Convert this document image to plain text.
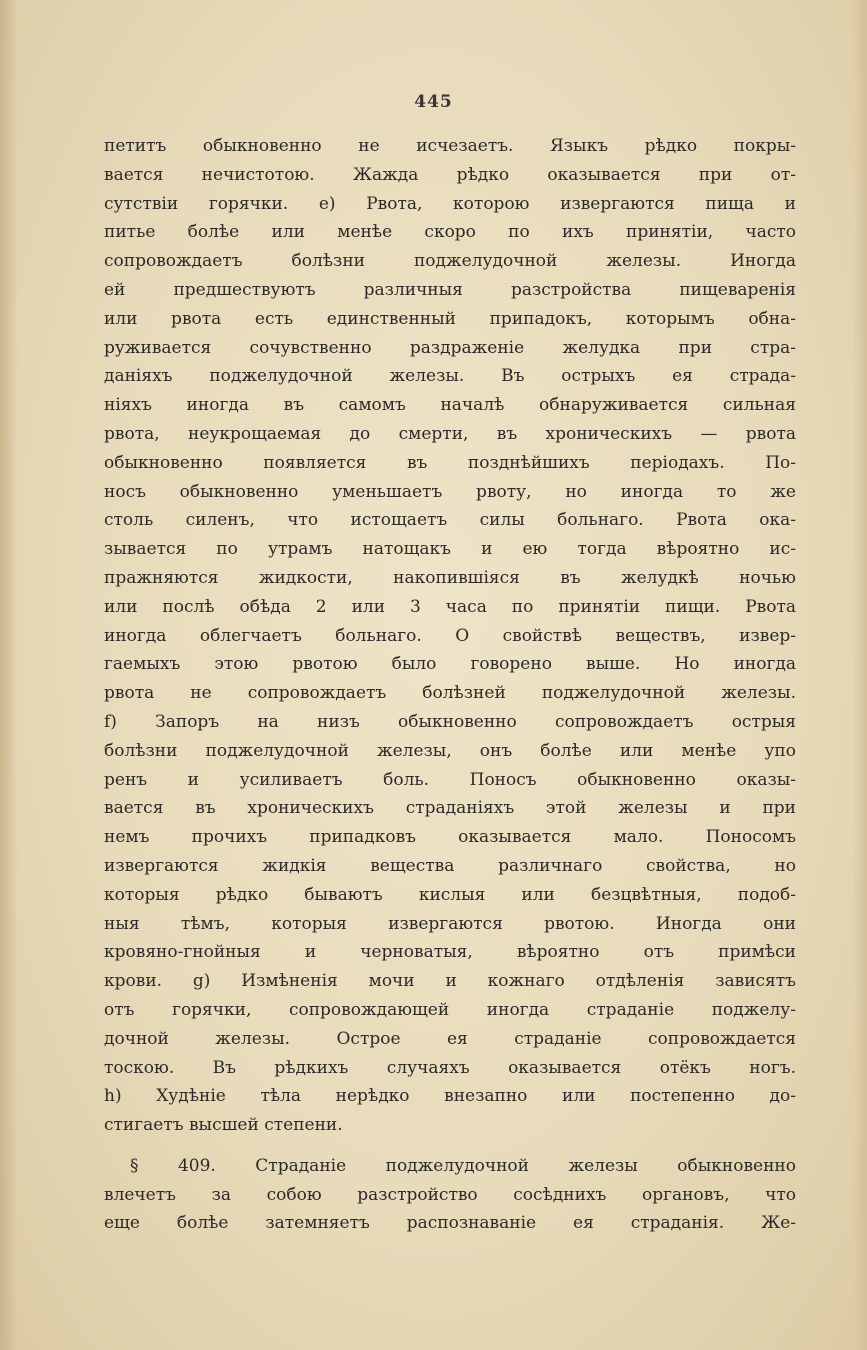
445
петитъ обыкновенно не исчезаетъ. Языкъ рѣдко покры-
вается нечистотою. Жажда рѣдко оказывается при от-
сутствіи горячки. e) Рвота, которою извергаются пища и
питье болѣе или менѣе скоро по ихъ принятіи, часто
сопровождаетъ болѣзни поджелудочной железы. Иногда
ей предшествуютъ различныя разстройства пищеваренія
или рвота есть единственный припадокъ, которымъ обна-
руживается сочувственно раздраженіе желудка при стра-
даніяхъ поджелудочной железы. Въ острыхъ ея страда-
ніяхъ иногда въ самомъ началѣ обнаруживается сильная
рвота, неукрощаемая до смерти, въ хроническихъ — рвота
обыкновенно появляется въ позднѣйшихъ періодахъ. По-
носъ обыкновенно уменьшаетъ рвоту, но иногда то же
столь силенъ, что истощаетъ силы больнаго. Рвота ока-
зывается по утрамъ натощакъ и ею тогда вѣроятно ис-
пражняются жидкости, накопившіяся въ желудкѣ ночью
или послѣ обѣда 2 или 3 часа по принятіи пищи. Рвота
иногда облегчаетъ больнаго. О свойствѣ веществъ, извер-
гаемыхъ этою рвотою было говорено выше. Но иногда
рвота не сопровождаетъ болѣзней поджелудочной железы.
f) Запоръ на низъ обыкновенно сопровождаетъ острыя
болѣзни поджелудочной железы, онъ болѣе или менѣе упо
ренъ и усиливаетъ боль. Поносъ обыкновенно оказы-
вается въ хроническихъ страданіяхъ этой железы и при
немъ прочихъ припадковъ оказывается мало. Поносомъ
извергаются жидкія вещества различнаго свойства, но
которыя рѣдко бываютъ кислыя или безцвѣтныя, подоб-
ныя тѣмъ, которыя извергаются рвотою. Иногда они
кровяно-гнойныя и черноватыя, вѣроятно отъ примѣси
крови. g) Измѣненія мочи и кожнаго отдѣленія зависятъ
отъ горячки, сопровождающей иногда страданіе поджелу-
дочной железы. Острое ея страданіе сопровождается
тоскою. Въ рѣдкихъ случаяхъ оказывается отёкъ ногъ.
h) Худѣніе тѣла нерѣдко внезапно или постепенно до-
стигаетъ высшей степени.
§ 409. Страданіе поджелудочной железы обыкновенно
влечетъ за собою разстройство сосѣднихъ органовъ, что
еще болѣе затемняетъ распознаваніе ея страданія. Же-
